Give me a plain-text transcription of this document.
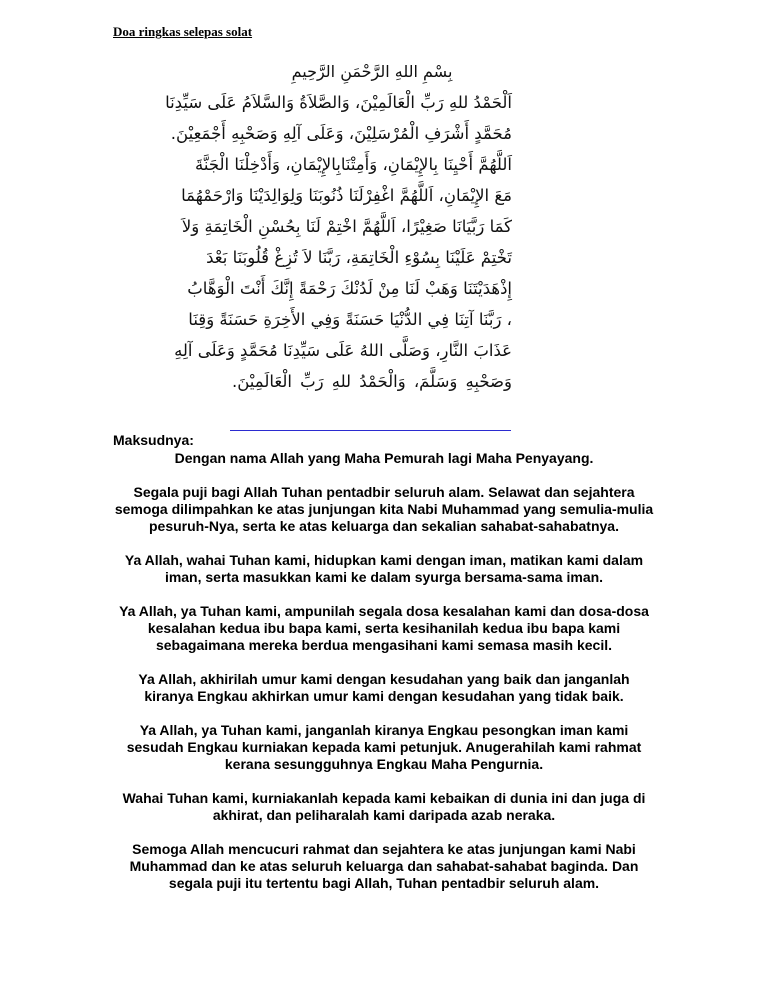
Doa ringkas selepas solat
بِسْمِ اللهِ الرَّحْمَنِ الرَّحِيمِ
اَلْحَمْدُ للهِ رَبِّ الْعَالَمِيْنَ، وَالصَّلاَةُ وَالسَّلاَمُ عَلَى سَيِّدِنَا
مُحَمَّدٍ أَشْرَفِ الْمُرْسَلِيْنَ، وَعَلَى آلِهِ وَصَحْبِهِ أَجْمَعِيْنَ.
اَللَّهُمَّ أَحْيِنَا بِالإِيْمَانِ، وَأَمِتْنَابِالإِيْمَانِ، وَأَدْخِلْنَا الْجَنَّةَ
مَعَ الإِيْمَانِ، اَللَّهُمَّ اغْفِرْلَنَا ذُنُوبَنَا وَلِوَالِدَيْنَا وَارْحَمْهُمَا
كَمَا رَبَّيَانَا صَغِيْرًا، اَللَّهُمَّ اخْتِمْ لَنَا بِحُسْنِ الْخَاتِمَةِ وَلاَ
تَخْتِمْ عَلَيْنَا بِسُوْءِ الْخَاتِمَةِ، رَبَّنَا لاَ تُزِغْ قُلُوبَنَا بَعْدَ
إِذْهَدَيْتَنَا وَهَبْ لَنَا مِنْ لَدُنْكَ رَحْمَةً إِنَّكَ أَنْتَ الْوَهَّابُ
، رَبَّنَا آتِنَا فِي الدُّنْيَا حَسَنَةً وَفِي الأَخِرَةِ حَسَنَةً وَقِنَا
عَذَابَ النَّارِ، وَصَلَّى اللهُ عَلَى سَيِّدِنَا مُحَمَّدٍ وَعَلَى آلِهِ
وَصَحْبِهِ وَسَلَّمَ، وَالْحَمْدُ للهِ رَبِّ الْعَالَمِيْنَ.
Maksudnya:

Dengan nama Allah yang Maha Pemurah lagi Maha Penyayang.

Segala puji bagi Allah Tuhan pentadbir seluruh alam. Selawat dan sejahtera semoga dilimpahkan ke atas junjungan kita Nabi Muhammad yang semulia-mulia pesuruh-Nya, serta ke atas keluarga dan sekalian sahabat-sahabatnya.

Ya Allah, wahai Tuhan kami, hidupkan kami dengan iman, matikan kami dalam iman, serta masukkan kami ke dalam syurga bersama-sama iman.

Ya Allah, ya Tuhan kami, ampunilah segala dosa kesalahan kami dan dosa-dosa kesalahan kedua ibu bapa kami, serta kesihanilah kedua ibu bapa kami sebagaimana mereka berdua mengasihani kami semasa masih kecil.

Ya Allah, akhirilah umur kami dengan kesudahan yang baik dan janganlah kiranya Engkau akhirkan umur kami dengan kesudahan yang tidak baik.

Ya Allah, ya Tuhan kami, janganlah kiranya Engkau pesongkan iman kami sesudah Engkau kurniakan kepada kami petunjuk. Anugerahilah kami rahmat kerana sesungguhnya Engkau Maha Pengurnia.

Wahai Tuhan kami, kurniakanlah kepada kami kebaikan di dunia ini dan juga di akhirat, dan peliharalah kami daripada azab neraka.

Semoga Allah mencucuri rahmat dan sejahtera ke atas junjungan kami Nabi Muhammad dan ke atas seluruh keluarga dan sahabat-sahabat baginda. Dan segala puji itu tertentu bagi Allah, Tuhan pentadbir seluruh alam.
